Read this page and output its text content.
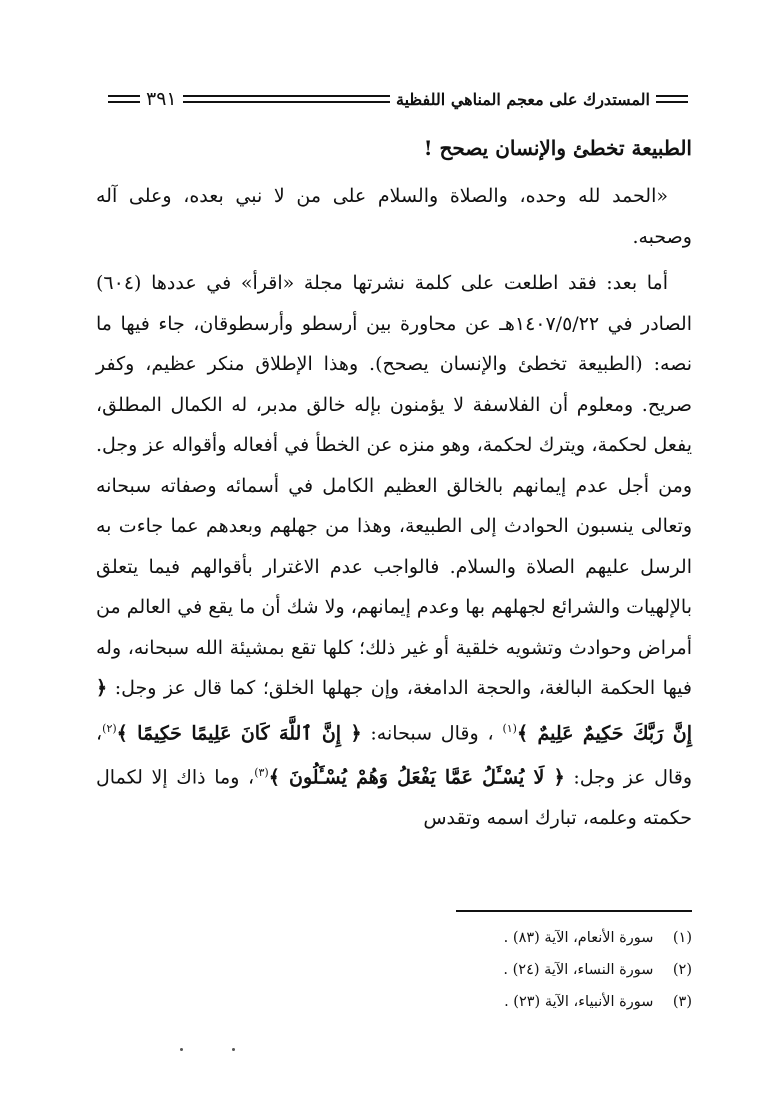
المستدرك على معجم المناهي اللفظية
٣٩١
الطبيعة تخطئ والإنسان يصحح !

«الحمد لله وحده، والصلاة والسلام على من لا نبي بعده، وعلى آله وصحبه.

أما بعد: فقد اطلعت على كلمة نشرتها مجلة «اقرأ» في عددها (٦٠٤) الصادر في ١٤٠٧/٥/٢٢هـ عن محاورة بين أرسطو وأرسطوقان، جاء فيها ما نصه: (الطبيعة تخطئ والإنسان يصحح). وهذا الإطلاق منكر عظيم، وكفر صريح. ومعلوم أن الفلاسفة لا يؤمنون بإله خالق مدبر، له الكمال المطلق، يفعل لحكمة، ويترك لحكمة، وهو منزه عن الخطأ في أفعاله وأقواله عز وجل. ومن أجل عدم إيمانهم بالخالق العظيم الكامل في أسمائه وصفاته سبحانه وتعالى ينسبون الحوادث إلى الطبيعة، وهذا من جهلهم وبعدهم عما جاءت به الرسل عليهم الصلاة والسلام. فالواجب عدم الاغترار بأقوالهم فيما يتعلق بالإلهيات والشرائع لجهلهم بها وعدم إيمانهم، ولا شك أن ما يقع في العالم من أمراض وحوادث وتشويه خلقية أو غير ذلك؛ كلها تقع بمشيئة الله سبحانه، وله فيها الحكمة البالغة، والحجة الدامغة، وإن جهلها الخلق؛ كما قال عز وجل: ﴿ إِنَّ رَبَّكَ حَكِيمٌ عَلِيمٌ ﴾$^{(١)}$ ، وقال سبحانه: ﴿ إِنَّ ٱللَّهَ كَانَ عَلِيمًا حَكِيمًا ﴾$^{(٢)}$، وقال عز وجل: ﴿ لَا يُسْـَٔلُ عَمَّا يَفْعَلُ وَهُمْ يُسْـَٔلُونَ ﴾$^{(٣)}$، وما ذاك إلا لكمال حكمته وعلمه، تبارك اسمه وتقدس

(١) سورة الأنعام، الآية (٨٣) .

(٢) سورة النساء، الآية (٢٤) .

(٣) سورة الأنبياء، الآية (٢٣) .
